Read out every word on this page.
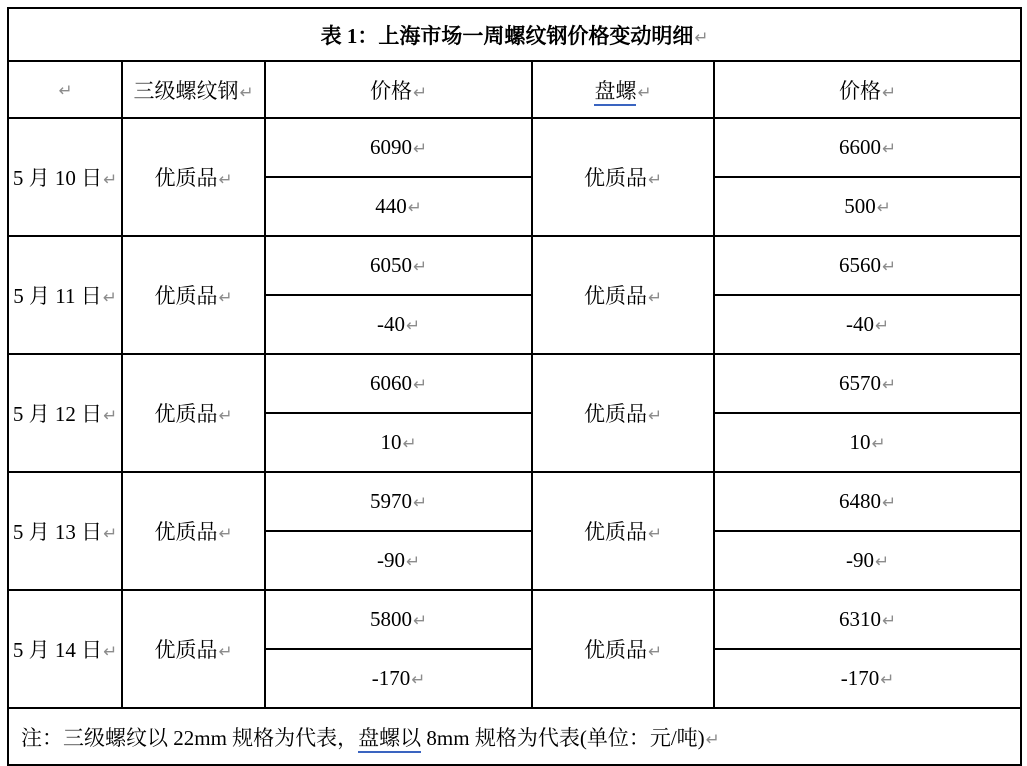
表 1：上海市场一周螺纹钢价格变动明细↵				
↵	三级螺纹钢↵	价格↵	盘螺↵	价格↵
5 月 10 日↵	优质品↵	6090↵	优质品↵	6600↵
		440↵		500↵
5 月 11 日↵	优质品↵	6050↵	优质品↵	6560↵
		-40↵		-40↵
5 月 12 日↵	优质品↵	6060↵	优质品↵	6570↵
		10↵		10↵
5 月 13 日↵	优质品↵	5970↵	优质品↵	6480↵
		-90↵		-90↵
5 月 14 日↵	优质品↵	5800↵	优质品↵	6310↵
		-170↵		-170↵
注：三级螺纹以 22mm 规格为代表，盘螺以 8mm 规格为代表(单位：元/吨)↵				
